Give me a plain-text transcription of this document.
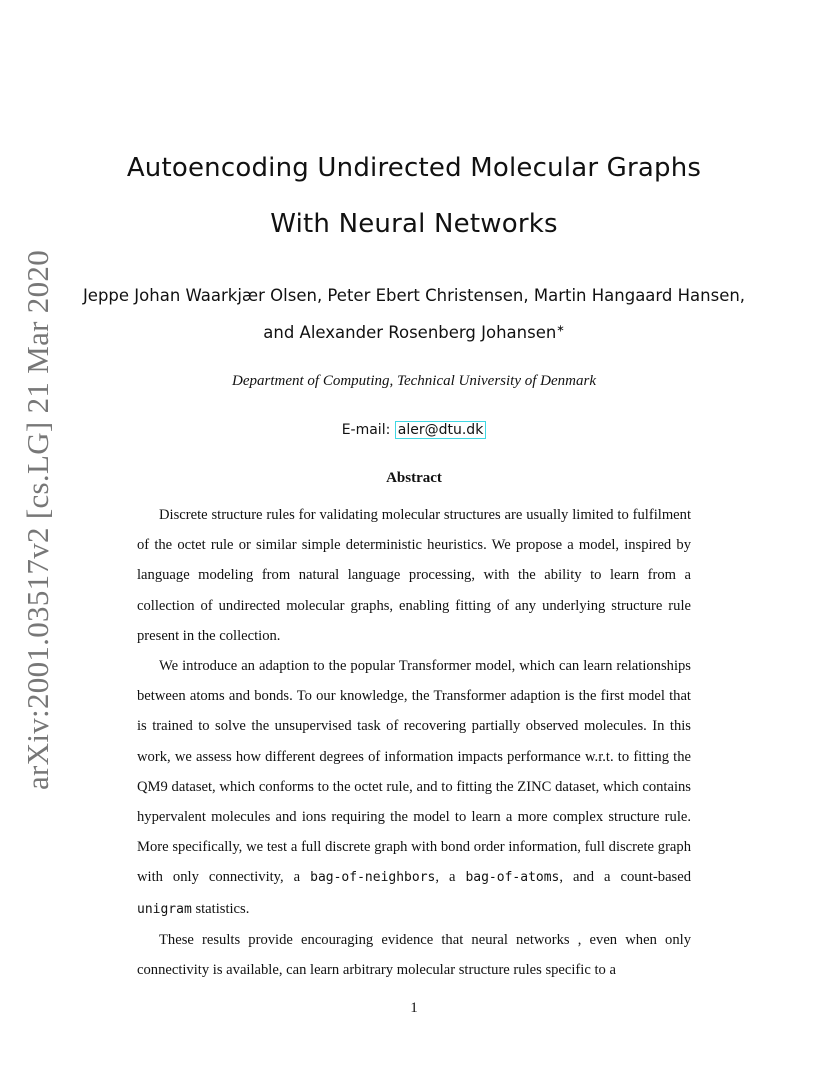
arXiv:2001.03517v2 [cs.LG] 21 Mar 2020
Autoencoding Undirected Molecular Graphs
With Neural Networks
Jeppe Johan Waarkjær Olsen, Peter Ebert Christensen, Martin Hangaard Hansen,
and Alexander Rosenberg Johansen∗
Department of Computing, Technical University of Denmark
E-mail: aler@dtu.dk
Abstract

Discrete structure rules for validating molecular structures are usually limited to fulfilment of the octet rule or similar simple deterministic heuristics. We propose a model, inspired by language modeling from natural language processing, with the ability to learn from a collection of undirected molecular graphs, enabling fitting of any underlying structure rule present in the collection.

We introduce an adaption to the popular Transformer model, which can learn relationships between atoms and bonds. To our knowledge, the Transformer adaption is the first model that is trained to solve the unsupervised task of recovering partially observed molecules. In this work, we assess how different degrees of information impacts performance w.r.t. to fitting the QM9 dataset, which conforms to the octet rule, and to fitting the ZINC dataset, which contains hypervalent molecules and ions requiring the model to learn a more complex structure rule. More specifically, we test a full discrete graph with bond order information, full discrete graph with only connectivity, a bag-of-neighbors, a bag-of-atoms, and a count-based unigram statistics.

These results provide encouraging evidence that neural networks , even when only connectivity is available, can learn arbitrary molecular structure rules specific to a

1
